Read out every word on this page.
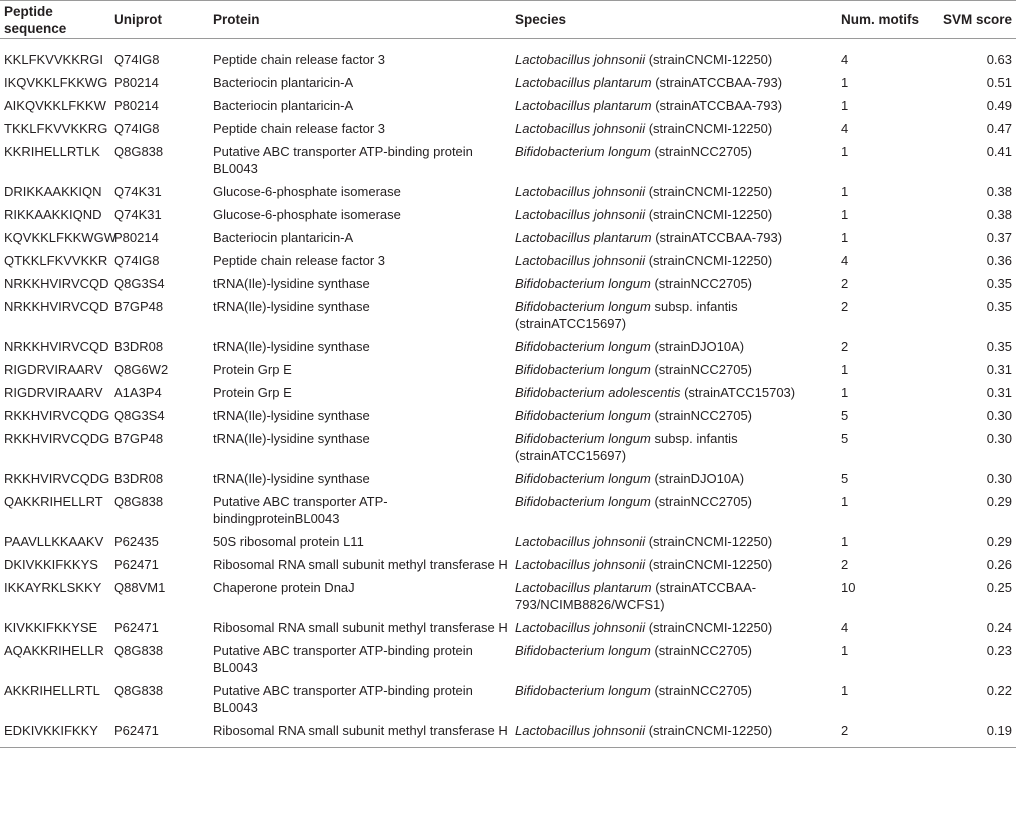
Peptide sequence	Uniprot	Protein	Species	Num. motifs	SVM score
KKLFKVVKKRGI	Q74IG8	Peptide chain release factor 3	Lactobacillus johnsonii (strainCNCMI-12250)	4	0.63
IKQVKKLFKKWG	P80214	Bacteriocin plantaricin-A	Lactobacillus plantarum (strainATCCBAA-793)	1	0.51
AIKQVKKLFKKW	P80214	Bacteriocin plantaricin-A	Lactobacillus plantarum (strainATCCBAA-793)	1	0.49
TKKLFKVVKKRG	Q74IG8	Peptide chain release factor 3	Lactobacillus johnsonii (strainCNCMI-12250)	4	0.47
KKRIHELLRTLK	Q8G838	Putative ABC transporter ATP-binding protein BL0043	Bifidobacterium longum (strainNCC2705)	1	0.41
DRIKKAAKKIQN	Q74K31	Glucose-6-phosphate isomerase	Lactobacillus johnsonii (strainCNCMI-12250)	1	0.38
RIKKAAKKIQND	Q74K31	Glucose-6-phosphate isomerase	Lactobacillus johnsonii (strainCNCMI-12250)	1	0.38
KQVKKLFKKWGW	P80214	Bacteriocin plantaricin-A	Lactobacillus plantarum (strainATCCBAA-793)	1	0.37
QTKKLFKVVKKR	Q74IG8	Peptide chain release factor 3	Lactobacillus johnsonii (strainCNCMI-12250)	4	0.36
NRKKHVIRVCQD	Q8G3S4	tRNA(Ile)-lysidine synthase	Bifidobacterium longum (strainNCC2705)	2	0.35
NRKKHVIRVCQD	B7GP48	tRNA(Ile)-lysidine synthase	Bifidobacterium longum subsp. infantis (strainATCC15697)	2	0.35
NRKKHVIRVCQD	B3DR08	tRNA(Ile)-lysidine synthase	Bifidobacterium longum (strainDJO10A)	2	0.35
RIGDRVIRAARV	Q8G6W2	Protein Grp E	Bifidobacterium longum (strainNCC2705)	1	0.31
RIGDRVIRAARV	A1A3P4	Protein Grp E	Bifidobacterium adolescentis (strainATCC15703)	1	0.31
RKKHVIRVCQDG	Q8G3S4	tRNA(Ile)-lysidine synthase	Bifidobacterium longum (strainNCC2705)	5	0.30
RKKHVIRVCQDG	B7GP48	tRNA(Ile)-lysidine synthase	Bifidobacterium longum subsp. infantis (strainATCC15697)	5	0.30
RKKHVIRVCQDG	B3DR08	tRNA(Ile)-lysidine synthase	Bifidobacterium longum (strainDJO10A)	5	0.30
QAKKRIHELLRT	Q8G838	Putative ABC transporter ATP-bindingproteinBL0043	Bifidobacterium longum (strainNCC2705)	1	0.29
PAAVLLKKAAKV	P62435	50S ribosomal protein L11	Lactobacillus johnsonii (strainCNCMI-12250)	1	0.29
DKIVKKIFKKYS	P62471	Ribosomal RNA small subunit methyl transferase H	Lactobacillus johnsonii (strainCNCMI-12250)	2	0.26
IKKAYRKLSKKY	Q88VM1	Chaperone protein DnaJ	Lactobacillus plantarum (strainATCCBAA-793/NCIMB8826/WCFS1)	10	0.25
KIVKKIFKKYSE	P62471	Ribosomal RNA small subunit methyl transferase H	Lactobacillus johnsonii (strainCNCMI-12250)	4	0.24
AQAKKRIHELLR	Q8G838	Putative ABC transporter ATP-binding protein BL0043	Bifidobacterium longum (strainNCC2705)	1	0.23
AKKRIHELLRTL	Q8G838	Putative ABC transporter ATP-binding protein BL0043	Bifidobacterium longum (strainNCC2705)	1	0.22
EDKIVKKIFKKY	P62471	Ribosomal RNA small subunit methyl transferase H	Lactobacillus johnsonii (strainCNCMI-12250)	2	0.19
